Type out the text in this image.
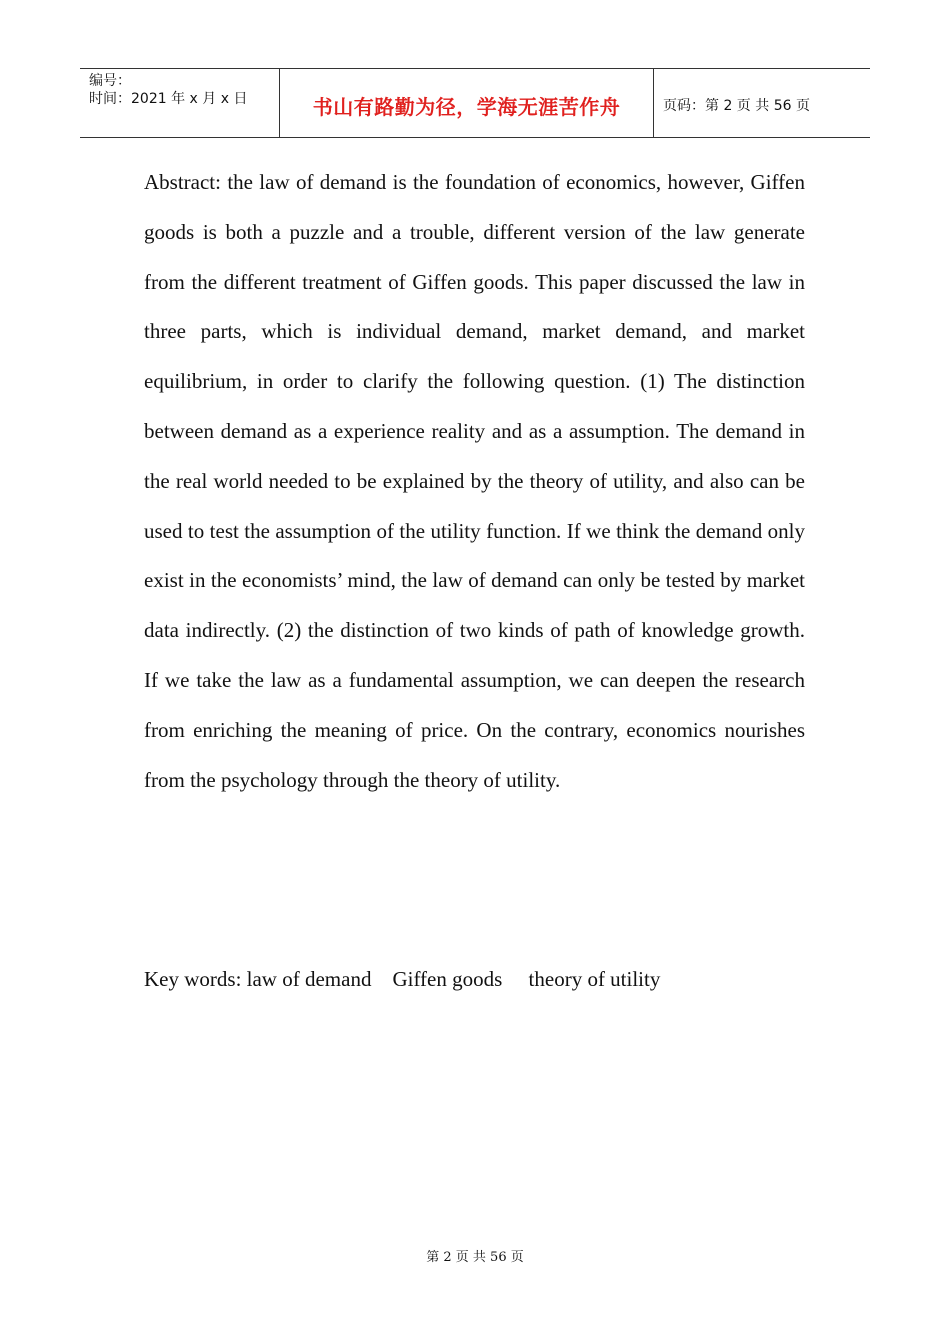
编号：
时间：2021 年 x 月 x 日	书山有路勤为径，学海无涯苦作舟	页码：第 2 页 共 56 页

Abstract: the law of demand is the foundation of economics, however, Giffen goods is both a puzzle and a trouble, different version of the law generate from the different treatment of Giffen goods. This paper discussed the law in three parts, which is individual demand, market demand, and market equilibrium, in order to clarify the following question. (1) The distinction between demand as a experience reality and as a assumption. The demand in the real world needed to be explained by the theory of utility, and also can be used to test the assumption of the utility function. If we think the demand only exist in the economists’ mind, the law of demand can only be tested by market data indirectly. (2) the distinction of two kinds of path of knowledge growth. If we take the law as a fundamental assumption, we can deepen the research from enriching the meaning of price. On the contrary, economics nourishes from the psychology through the theory of utility.

Key words: law of demand    Giffen goods     theory of utility

第 2 页 共 56 页
